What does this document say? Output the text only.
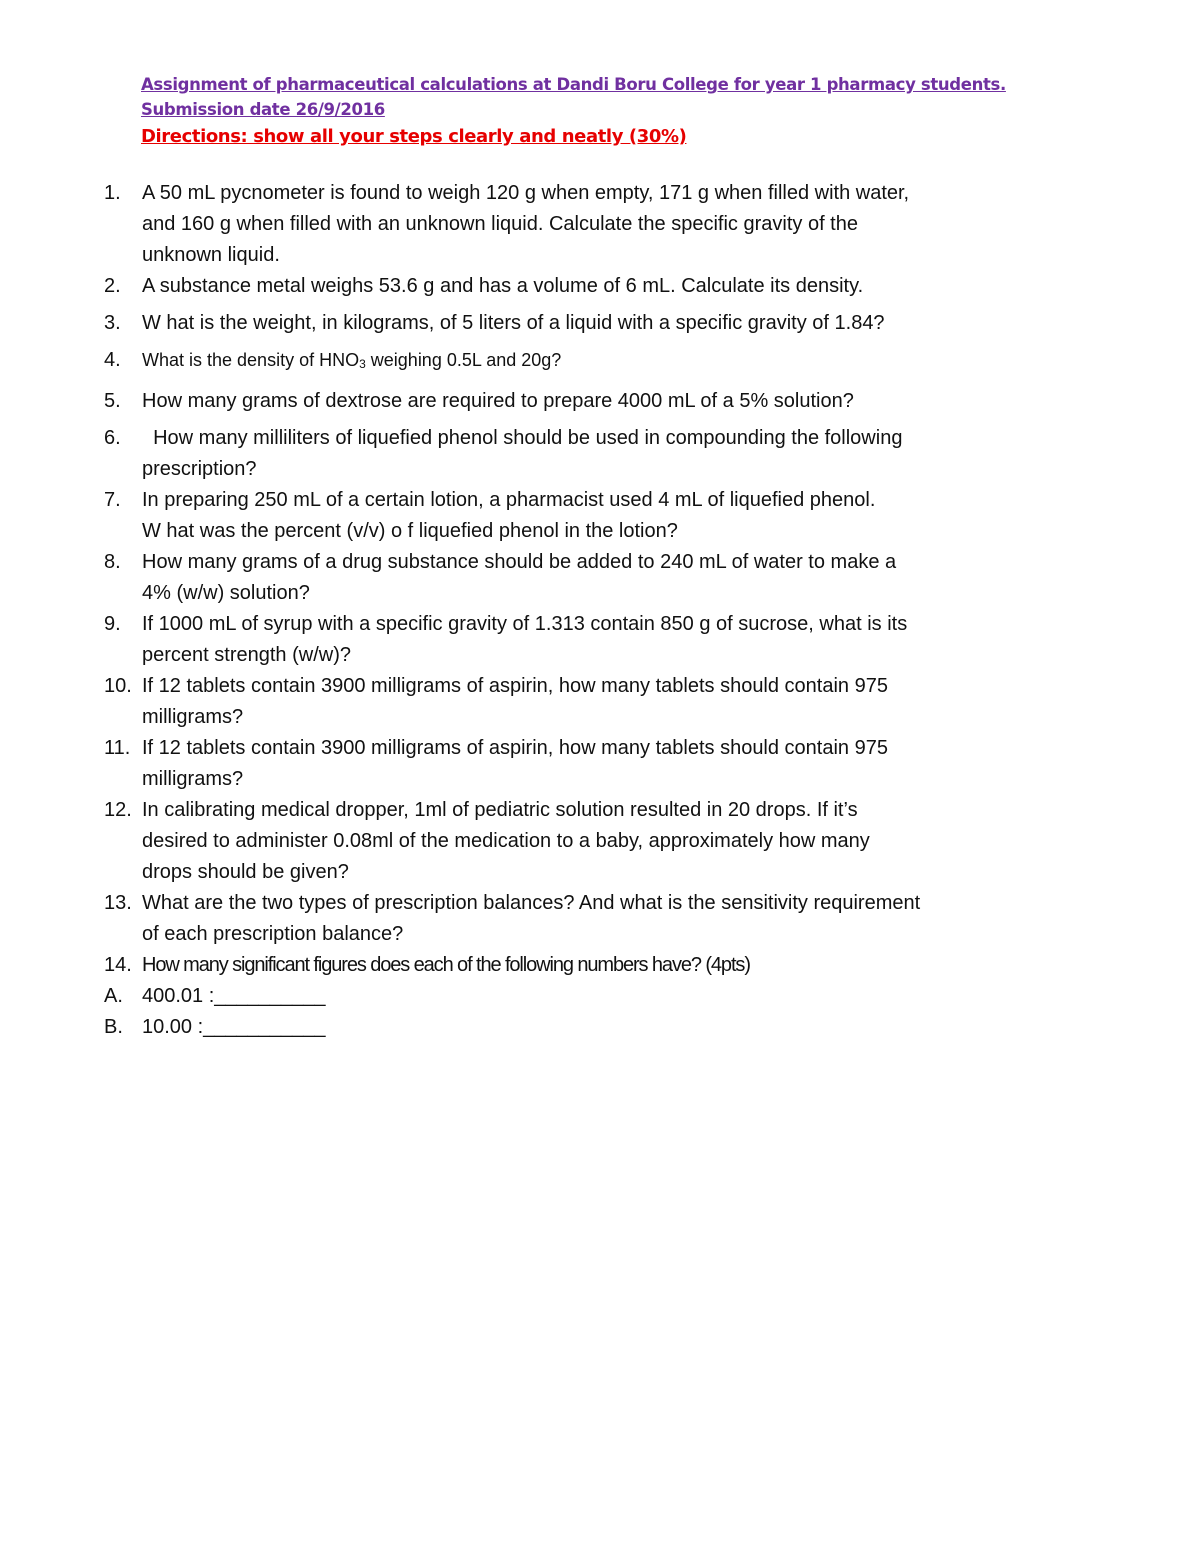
Assignment of pharmaceutical calculations at Dandi Boru College for year 1 pharmacy students.
Submission date 26/9/2016
Directions: show all your steps clearly and neatly (30%)
1.	A 50 mL pycnometer is found to weigh 120 g when empty, 171 g when filled with water,
and 160 g when filled with an unknown liquid. Calculate the specific gravity of the
unknown liquid.
2.	A substance metal weighs 53.6 g and has a volume of 6 mL. Calculate its density.
3.	W hat is the weight, in kilograms, of 5 liters of a liquid with a specific gravity of 1.84?
4.	What is the density of $HNO_3$ weighing 0.5L and 20g?
5.	How many grams of dextrose are required to prepare 4000 mL of a 5% solution?
6.	How many milliliters of liquefied phenol should be used in compounding the following
prescription?
7.	In preparing 250 mL of a certain lotion, a pharmacist used 4 mL of liquefied phenol.
W hat was the percent (v/v) o f liquefied phenol in the lotion?
8.	How many grams of a drug substance should be added to 240 mL of water to make a
4% (w/w) solution?
9.	If 1000 mL of syrup with a specific gravity of 1.313 contain 850 g of sucrose, what is its
percent strength (w/w)?
10. If 12 tablets contain 3900 milligrams of aspirin, how many tablets should contain 975
milligrams?
11. If 12 tablets contain 3900 milligrams of aspirin, how many tablets should contain 975
milligrams?
12. In calibrating medical dropper, 1ml of pediatric solution resulted in 20 drops. If it’s
desired to administer 0.08ml of the medication to a baby, approximately how many
drops should be given?
13. What are the two types of prescription balances? And what is the sensitivity requirement
of each prescription balance?
14. How many significant figures does each of the following numbers have? (4pts)
A. 400.01 :__________
B. 10.00 :___________
